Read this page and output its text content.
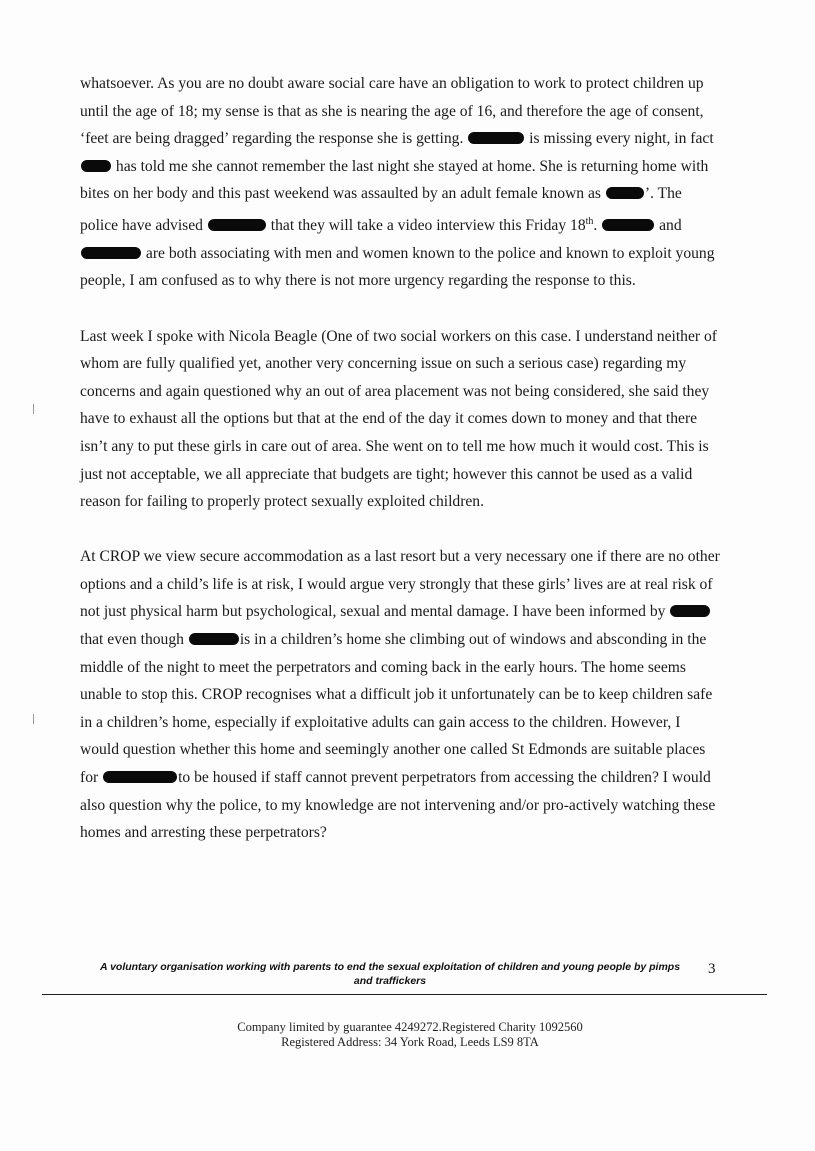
whatsoever. As you are no doubt aware social care have an obligation to work to protect children up until the age of 18; my sense is that as she is nearing the age of 16, and therefore the age of consent, ‘feet are being dragged’ regarding the response she is getting.	is missing every night, in fact  has told me she cannot remember the last night she stayed at home. She is returning home with bites on her body and this past weekend was assaulted by an adult female known as	’. The police have advised	that they will take a video interview this Friday 18th.	and  are both associating with men and women known to the police and known to exploit young people, I am confused as to why there is not more urgency regarding the response to this.

Last week I spoke with Nicola Beagle (One of two social workers on this case. I understand neither of whom are fully qualified yet, another very concerning issue on such a serious case) regarding my concerns and again questioned why an out of area placement was not being considered, she said they have to exhaust all the options but that at the end of the day it comes down to money and that there isn’t any to put these girls in care out of area. She went on to tell me how much it would cost. This is just not acceptable, we all appreciate that budgets are tight; however this cannot be used as a valid reason for failing to properly protect sexually exploited children.

At CROP we view secure accommodation as a last resort but a very necessary one if there are no other options and a child’s life is at risk, I would argue very strongly that these girls’ lives are at real risk of not just physical harm but psychological, sexual and mental damage. I have been informed by  that even though	is in a children’s home she climbing out of windows and absconding in the middle of the night to meet the perpetrators and coming back in the early hours. The home seems unable to stop this. CROP recognises what a difficult job it unfortunately can be to keep children safe in a children’s home, especially if exploitative adults can gain access to the children. However, I would question whether this home and seemingly another one called St Edmonds are suitable places for	to be housed if staff cannot prevent perpetrators from accessing the children? I would also question why the police, to my knowledge are not intervening and/or pro-actively watching these homes and arresting these perpetrators?

A voluntary organisation working with parents to end the sexual exploitation of children and young people by pimps and traffickers
3
Company limited by guarantee 4249272.Registered Charity 1092560
Registered Address: 34 York Road, Leeds LS9 8TA
